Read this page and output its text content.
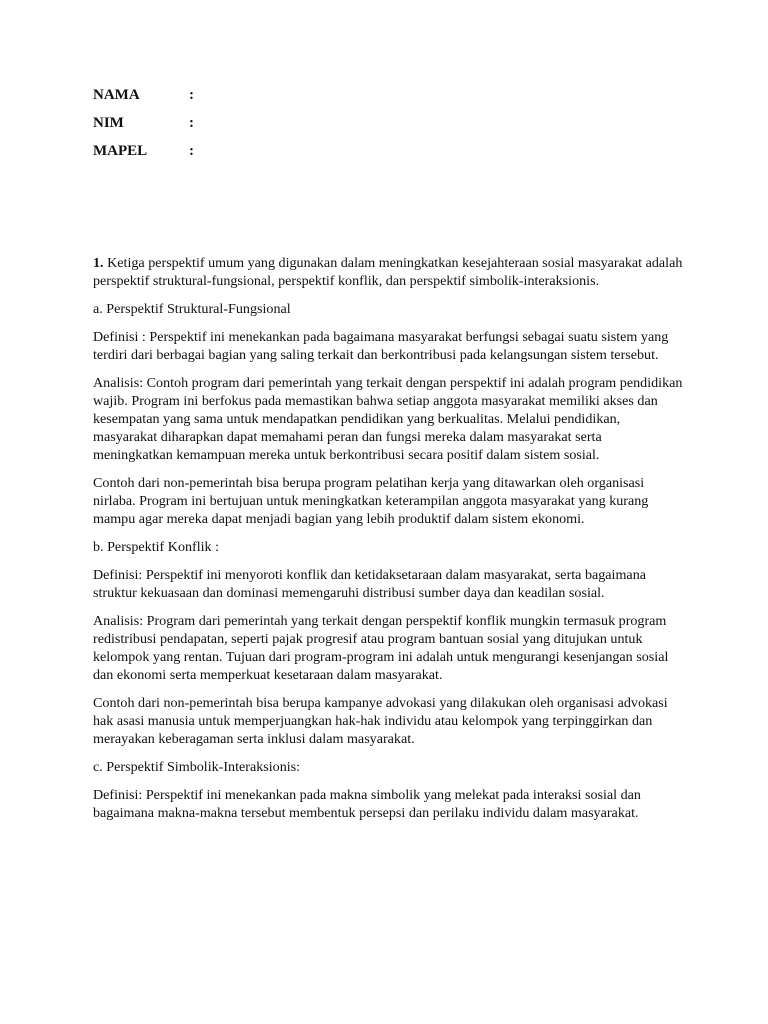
NAMA	:
NIM	:
MAPEL	:

1. Ketiga perspektif umum yang digunakan dalam meningkatkan kesejahteraan sosial masyarakat adalah perspektif struktural-fungsional, perspektif konflik, dan perspektif simbolik-interaksionis.

a. Perspektif Struktural-Fungsional

Definisi : Perspektif ini menekankan pada bagaimana masyarakat berfungsi sebagai suatu sistem yang terdiri dari berbagai bagian yang saling terkait dan berkontribusi pada kelangsungan sistem tersebut.

Analisis: Contoh program dari pemerintah yang terkait dengan perspektif ini adalah program pendidikan wajib. Program ini berfokus pada memastikan bahwa setiap anggota masyarakat memiliki akses dan kesempatan yang sama untuk mendapatkan pendidikan yang berkualitas. Melalui pendidikan, masyarakat diharapkan dapat memahami peran dan fungsi mereka dalam masyarakat serta meningkatkan kemampuan mereka untuk berkontribusi secara positif dalam sistem sosial.

Contoh dari non-pemerintah bisa berupa program pelatihan kerja yang ditawarkan oleh organisasi nirlaba. Program ini bertujuan untuk meningkatkan keterampilan anggota masyarakat yang kurang mampu agar mereka dapat menjadi bagian yang lebih produktif dalam sistem ekonomi.

b. Perspektif Konflik :

Definisi: Perspektif ini menyoroti konflik dan ketidaksetaraan dalam masyarakat, serta bagaimana struktur kekuasaan dan dominasi memengaruhi distribusi sumber daya dan keadilan sosial.

Analisis: Program dari pemerintah yang terkait dengan perspektif konflik mungkin termasuk program redistribusi pendapatan, seperti pajak progresif atau program bantuan sosial yang ditujukan untuk kelompok yang rentan. Tujuan dari program-program ini adalah untuk mengurangi kesenjangan sosial dan ekonomi serta memperkuat kesetaraan dalam masyarakat.

Contoh dari non-pemerintah bisa berupa kampanye advokasi yang dilakukan oleh organisasi advokasi hak asasi manusia untuk memperjuangkan hak-hak individu atau kelompok yang terpinggirkan dan merayakan keberagaman serta inklusi dalam masyarakat.

c. Perspektif Simbolik-Interaksionis:

Definisi: Perspektif ini menekankan pada makna simbolik yang melekat pada interaksi sosial dan bagaimana makna-makna tersebut membentuk persepsi dan perilaku individu dalam masyarakat.
